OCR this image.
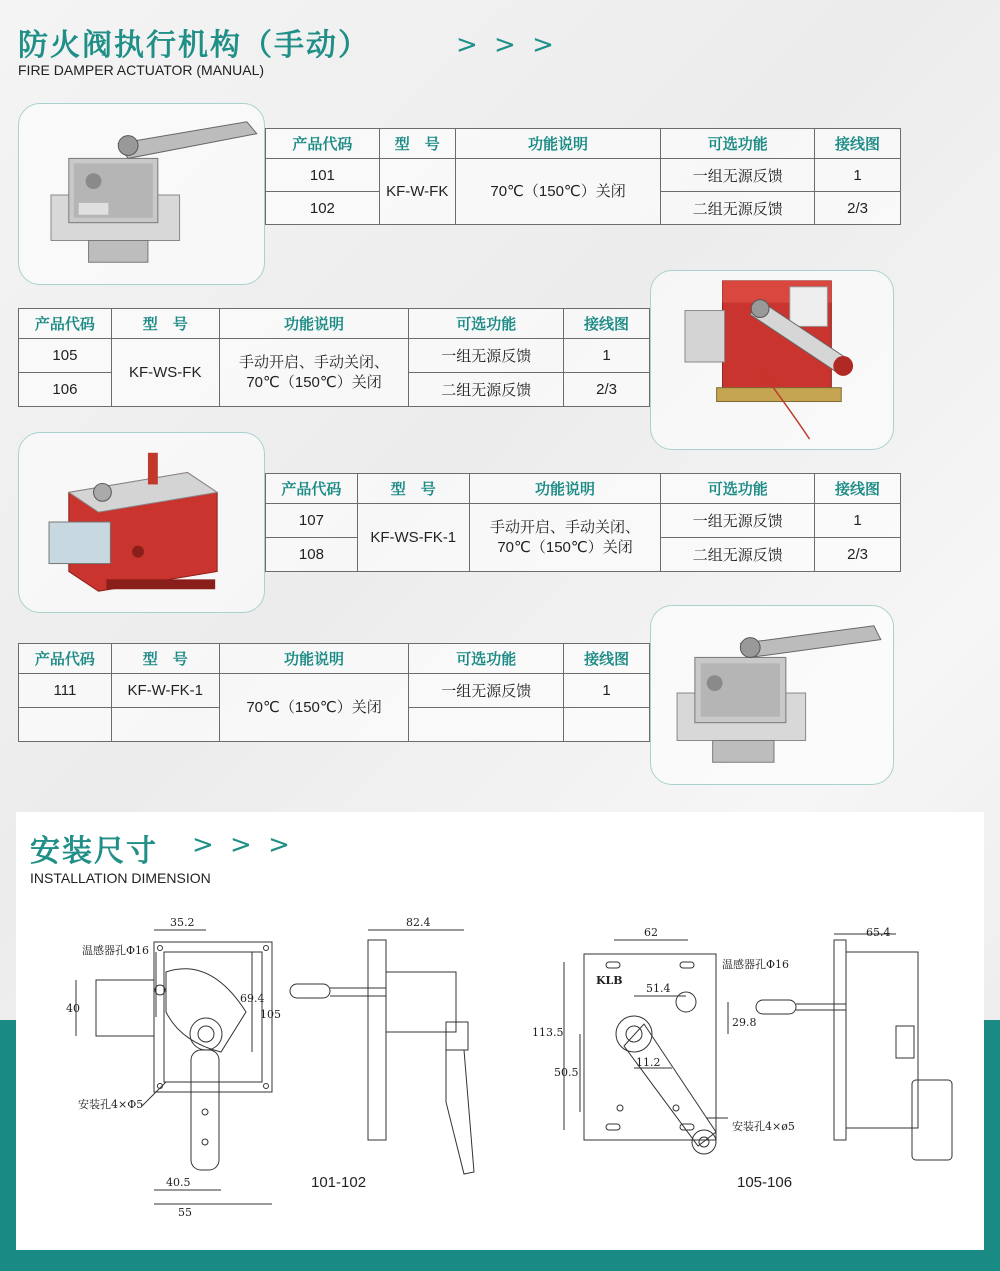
防火阀执行机构（手动）
FIRE DAMPER ACTUATOR (MANUAL)
> > >
产品代码	型　号	功能说明	可选功能	接线图
101	KF-W-FK	70℃（150℃）关闭	一组无源反馈	1
102			二组无源反馈	2/3
产品代码	型　号	功能说明	可选功能	接线图
105	KF-WS-FK	手动开启、手动关闭、70℃（150℃）关闭	一组无源反馈	1
106			二组无源反馈	2/3
产品代码	型　号	功能说明	可选功能	接线图
107	KF-WS-FK-1	手动开启、手动关闭、70℃（150℃）关闭	一组无源反馈	1
108			二组无源反馈	2/3
产品代码	型　号	功能说明	可选功能	接线图
111	KF-W-FK-1	70℃（150℃）关闭	一组无源反馈	1

安装尺寸 > > >
INSTALLATION DIMENSION
35.2
温感器孔Φ16
40
69.4
105
安装孔4×Φ5
40.5
55
82.4
62
KLB
温感器孔Φ16
51.4
29.8
113.5
11.2
50.5
安装孔4×ø5
65.4
101-102	105-106
